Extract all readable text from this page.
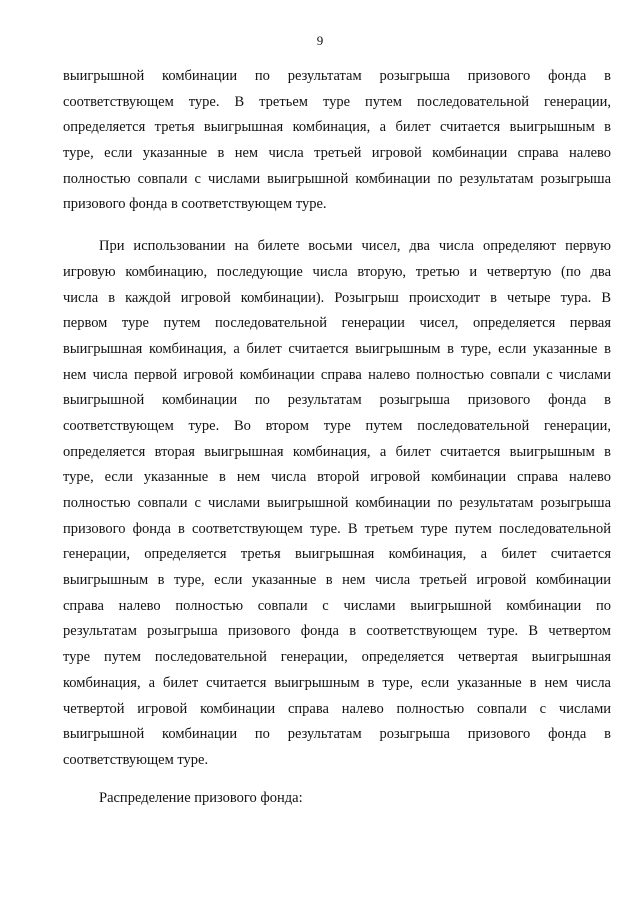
9
выигрышной комбинации по результатам розыгрыша призового фонда в
соответствующем туре. В третьем туре путем последовательной генерации,
определяется третья выигрышная комбинация, а билет считается выигрышным в
туре, если указанные в нем числа третьей игровой комбинации справа налево
полностью совпали с числами выигрышной комбинации по результатам розыгрыша
призового фонда в соответствующем туре.
При использовании на билете восьми чисел, два числа определяют первую
игровую комбинацию, последующие числа вторую, третью и четвертую (по два
числа в каждой игровой комбинации). Розыгрыш происходит в четыре тура. В
первом туре путем последовательной генерации чисел, определяется первая
выигрышная комбинация, а билет считается выигрышным в туре, если указанные в
нем числа первой игровой комбинации справа налево полностью совпали с числами
выигрышной комбинации по результатам розыгрыша призового фонда в
соответствующем туре. Во втором туре путем последовательной генерации,
определяется вторая выигрышная комбинация, а билет считается выигрышным в
туре, если указанные в нем числа второй игровой комбинации справа налево
полностью совпали с числами выигрышной комбинации по результатам розыгрыша
призового фонда в соответствующем туре. В третьем туре путем последовательной
генерации, определяется третья выигрышная комбинация, а билет считается
выигрышным в туре, если указанные в нем числа третьей игровой комбинации
справа налево полностью совпали с числами выигрышной комбинации по
результатам розыгрыша призового фонда в соответствующем туре. В четвертом
туре путем последовательной генерации, определяется четвертая выигрышная
комбинация, а билет считается выигрышным в туре, если указанные в нем числа
четвертой игровой комбинации справа налево полностью совпали с числами
выигрышной комбинации по результатам розыгрыша призового фонда в
соответствующем туре.
Распределение призового фонда:
